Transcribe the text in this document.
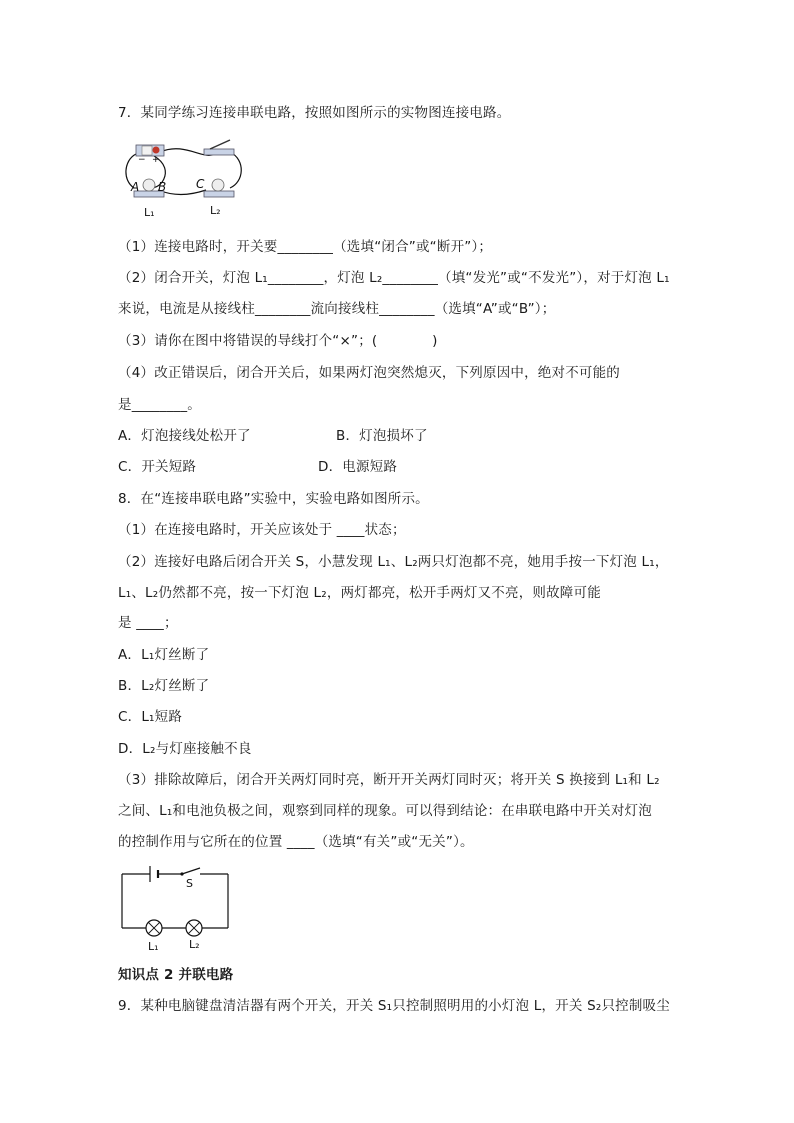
7．某同学练习连接串联电路，按照如图所示的实物图连接电路。
− +
A B C
L₁	L₂
（1）连接电路时，开关要________（选填“闭合”或“断开”）；
（2）闭合开关，灯泡 L₁________，灯泡 L₂________（填“发光”或“不发光”），对于灯泡 L₁
来说，电流是从接线柱________流向接线柱________（选填“A”或“B”）；
（3）请你在图中将错误的导线打个“×”；(　　　　)
（4）改正错误后，闭合开关后，如果两灯泡突然熄灭，下列原因中，绝对不可能的
是________。
A．灯泡接线处松开了	B．灯泡损坏了
C．开关短路	D．电源短路
8．在“连接串联电路”实验中，实验电路如图所示。
（1）在连接电路时，开关应该处于 ____状态；
（2）连接好电路后闭合开关 S，小慧发现 L₁、L₂两只灯泡都不亮，她用手按一下灯泡 L₁，
L₁、L₂仍然都不亮，按一下灯泡 L₂，两灯都亮，松开手两灯又不亮，则故障可能
是 ____；
A．L₁灯丝断了
B．L₂灯丝断了
C．L₁短路
D．L₂与灯座接触不良
（3）排除故障后，闭合开关两灯同时亮，断开开关两灯同时灭；将开关 S 换接到 L₁和 L₂
之间、L₁和电池负极之间，观察到同样的现象。可以得到结论：在串联电路中开关对灯泡
的控制作用与它所在的位置 ____（选填“有关”或“无关”）。
S
L₁	L₂
知识点 2 并联电路
9．某种电脑键盘清洁器有两个开关，开关 S₁只控制照明用的小灯泡 L，开关 S₂只控制吸尘
